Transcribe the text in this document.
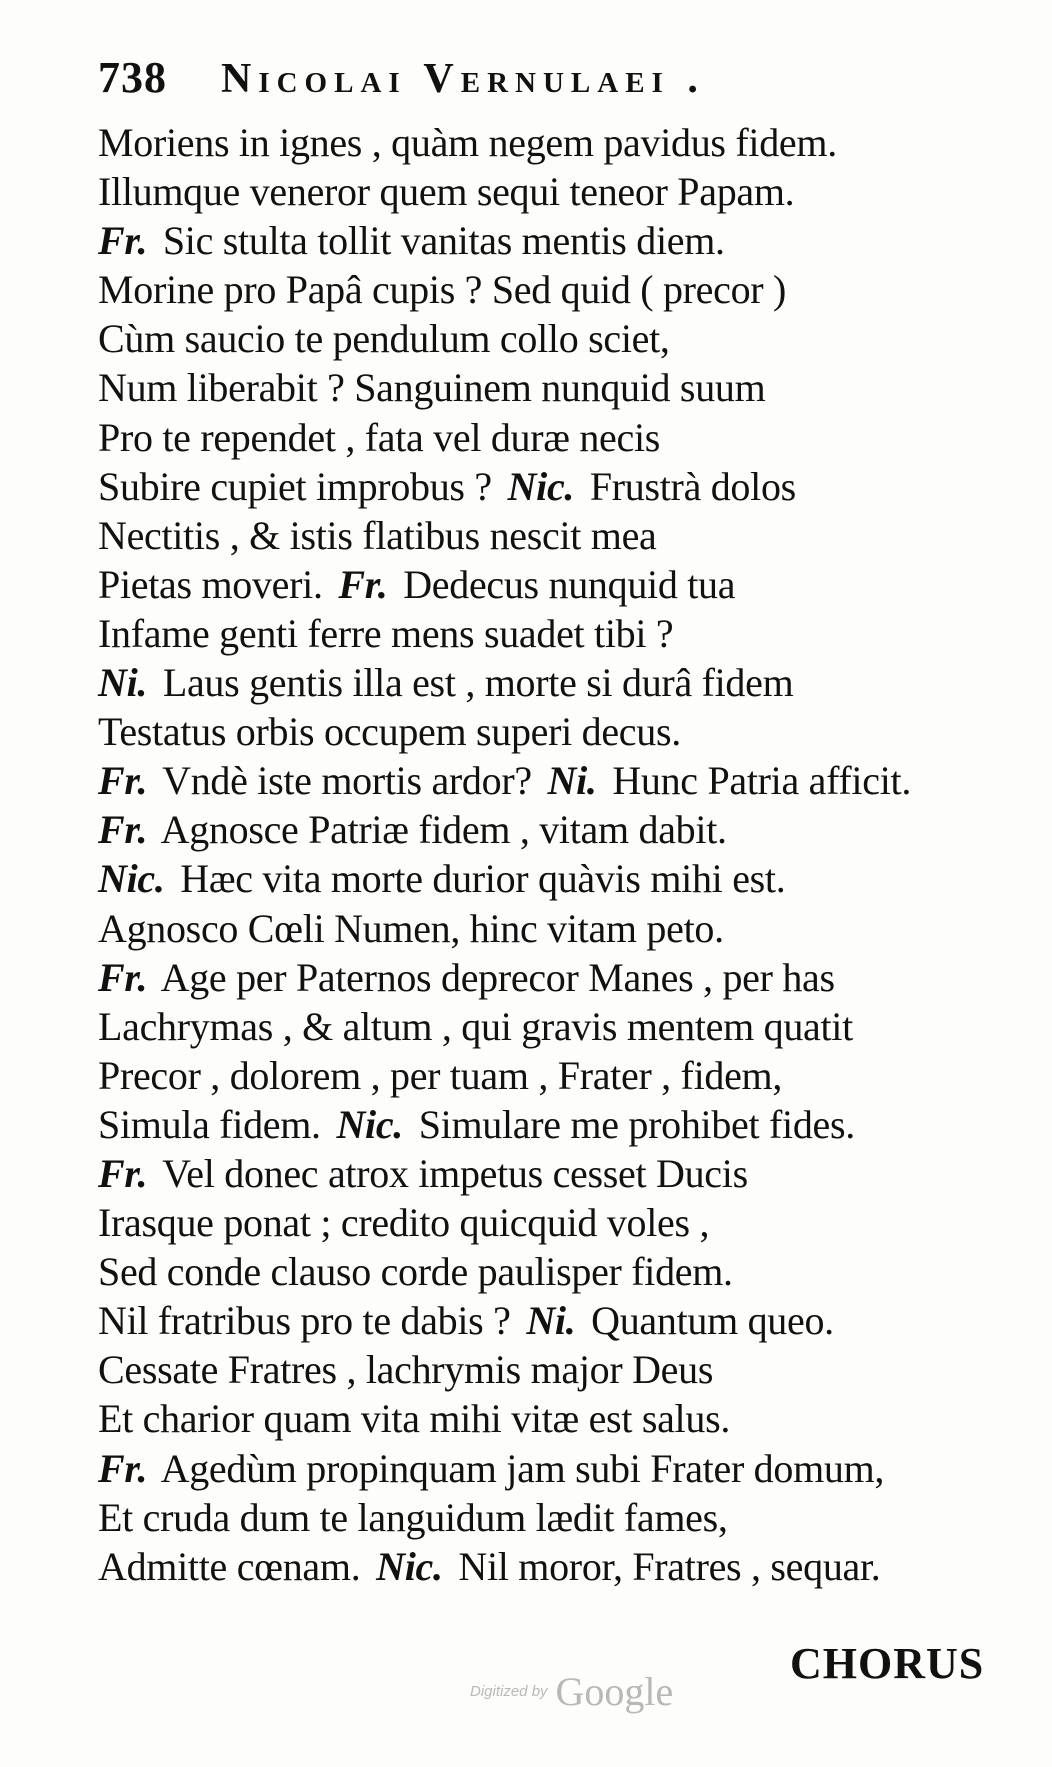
738 Nicolai Vernulaei .
Moriens in ignes , quàm negem pavidus fidem.
Illumque veneror quem sequi teneor Papam.
Fr. Sic stulta tollit vanitas mentis diem.
Morine pro Papâ cupis ? Sed quid ( precor )
Cùm saucio te pendulum collo sciet,
Num liberabit ? Sanguinem nunquid suum
Pro te rependet , fata vel duræ necis
Subire cupiet improbus ? Nic. Frustrà dolos
Nectitis , & istis flatibus nescit mea
Pietas moveri. Fr. Dedecus nunquid tua
Infame genti ferre mens suadet tibi ?
Ni. Laus gentis illa est , morte si durâ fidem
Testatus orbis occupem superi decus.
Fr. Vndè iste mortis ardor? Ni. Hunc Patria afficit.
Fr. Agnosce Patriæ fidem , vitam dabit.
Nic. Hæc vita morte durior quàvis mihi est.
Agnosco Cœli Numen, hinc vitam peto.
Fr. Age per Paternos deprecor Manes , per has
Lachrymas , & altum , qui gravis mentem quatit
Precor , dolorem , per tuam , Frater , fidem,
Simula fidem. Nic. Simulare me prohibet fides.
Fr. Vel donec atrox impetus cesset Ducis
Irasque ponat ; credito quicquid voles ,
Sed conde clauso corde paulisper fidem.
Nil fratribus pro te dabis ? Ni. Quantum queo.
Cessate Fratres , lachrymis major Deus
Et charior quam vita mihi vitæ est salus.
Fr. Agedùm propinquam jam subi Frater domum,
Et cruda dum te languidum lædit fames,
Admitte cœnam. Nic. Nil moror, Fratres , sequar.
CHORUS
Digitized by Google
